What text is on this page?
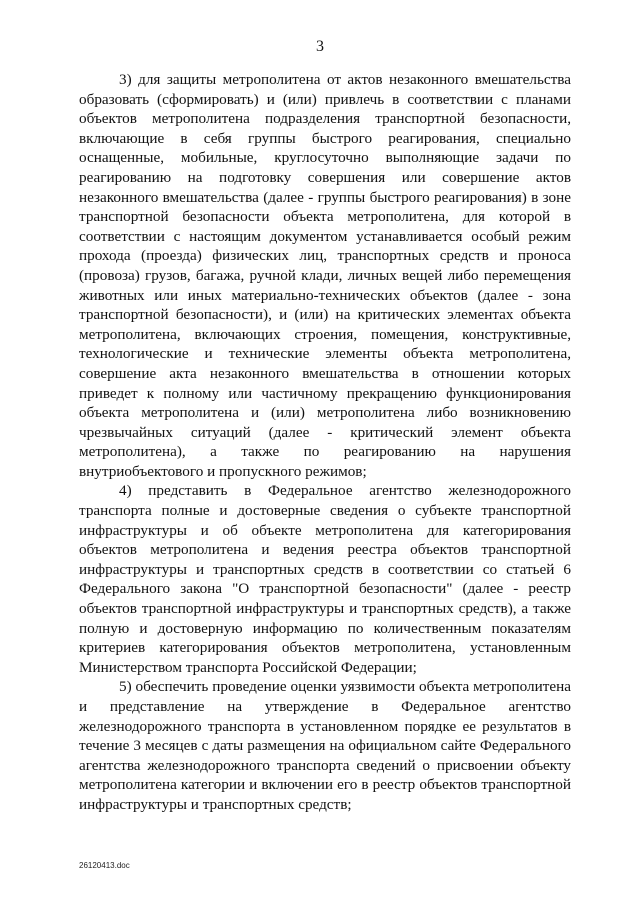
3

3) для защиты метрополитена от актов незаконного вмешательства образовать (сформировать) и (или) привлечь в соответствии с планами объектов метрополитена подразделения транспортной безопасности, включающие в себя группы быстрого реагирования, специально оснащенные, мобильные, круглосуточно выполняющие задачи по реагированию на подготовку совершения или совершение актов незаконного вмешательства (далее - группы быстрого реагирования) в зоне транспортной безопасности объекта метрополитена, для которой в соответствии с настоящим документом устанавливается особый режим прохода (проезда) физических лиц, транспортных средств и проноса (провоза) грузов, багажа, ручной клади, личных вещей либо перемещения животных или иных материально-технических объектов (далее - зона транспортной безопасности), и (или) на критических элементах объекта метрополитена, включающих строения, помещения, конструктивные, технологические и технические элементы объекта метрополитена, совершение акта незаконного вмешательства в отношении которых приведет к полному или частичному прекращению функционирования объекта метрополитена и (или) метрополитена либо возникновению чрезвычайных ситуаций (далее - критический элемент объекта метрополитена), а также по реагированию на нарушения внутриобъектового и пропускного режимов;

4) представить в Федеральное агентство железнодорожного транспорта полные и достоверные сведения о субъекте транспортной инфраструктуры и об объекте метрополитена для категорирования объектов метрополитена и ведения реестра объектов транспортной инфраструктуры и транспортных средств в соответствии со статьей 6 Федерального закона "О транспортной безопасности" (далее - реестр объектов транспортной инфраструктуры и транспортных средств), а также полную и достоверную информацию по количественным показателям критериев категорирования объектов метрополитена, установленным Министерством транспорта Российской Федерации;

5) обеспечить проведение оценки уязвимости объекта метрополитена и представление на утверждение в Федеральное агентство железнодорожного транспорта в установленном порядке ее результатов в течение 3 месяцев с даты размещения на официальном сайте Федерального агентства железнодорожного транспорта сведений о присвоении объекту метрополитена категории и включении его в реестр объектов транспортной инфраструктуры и транспортных средств;

26120413.doc
